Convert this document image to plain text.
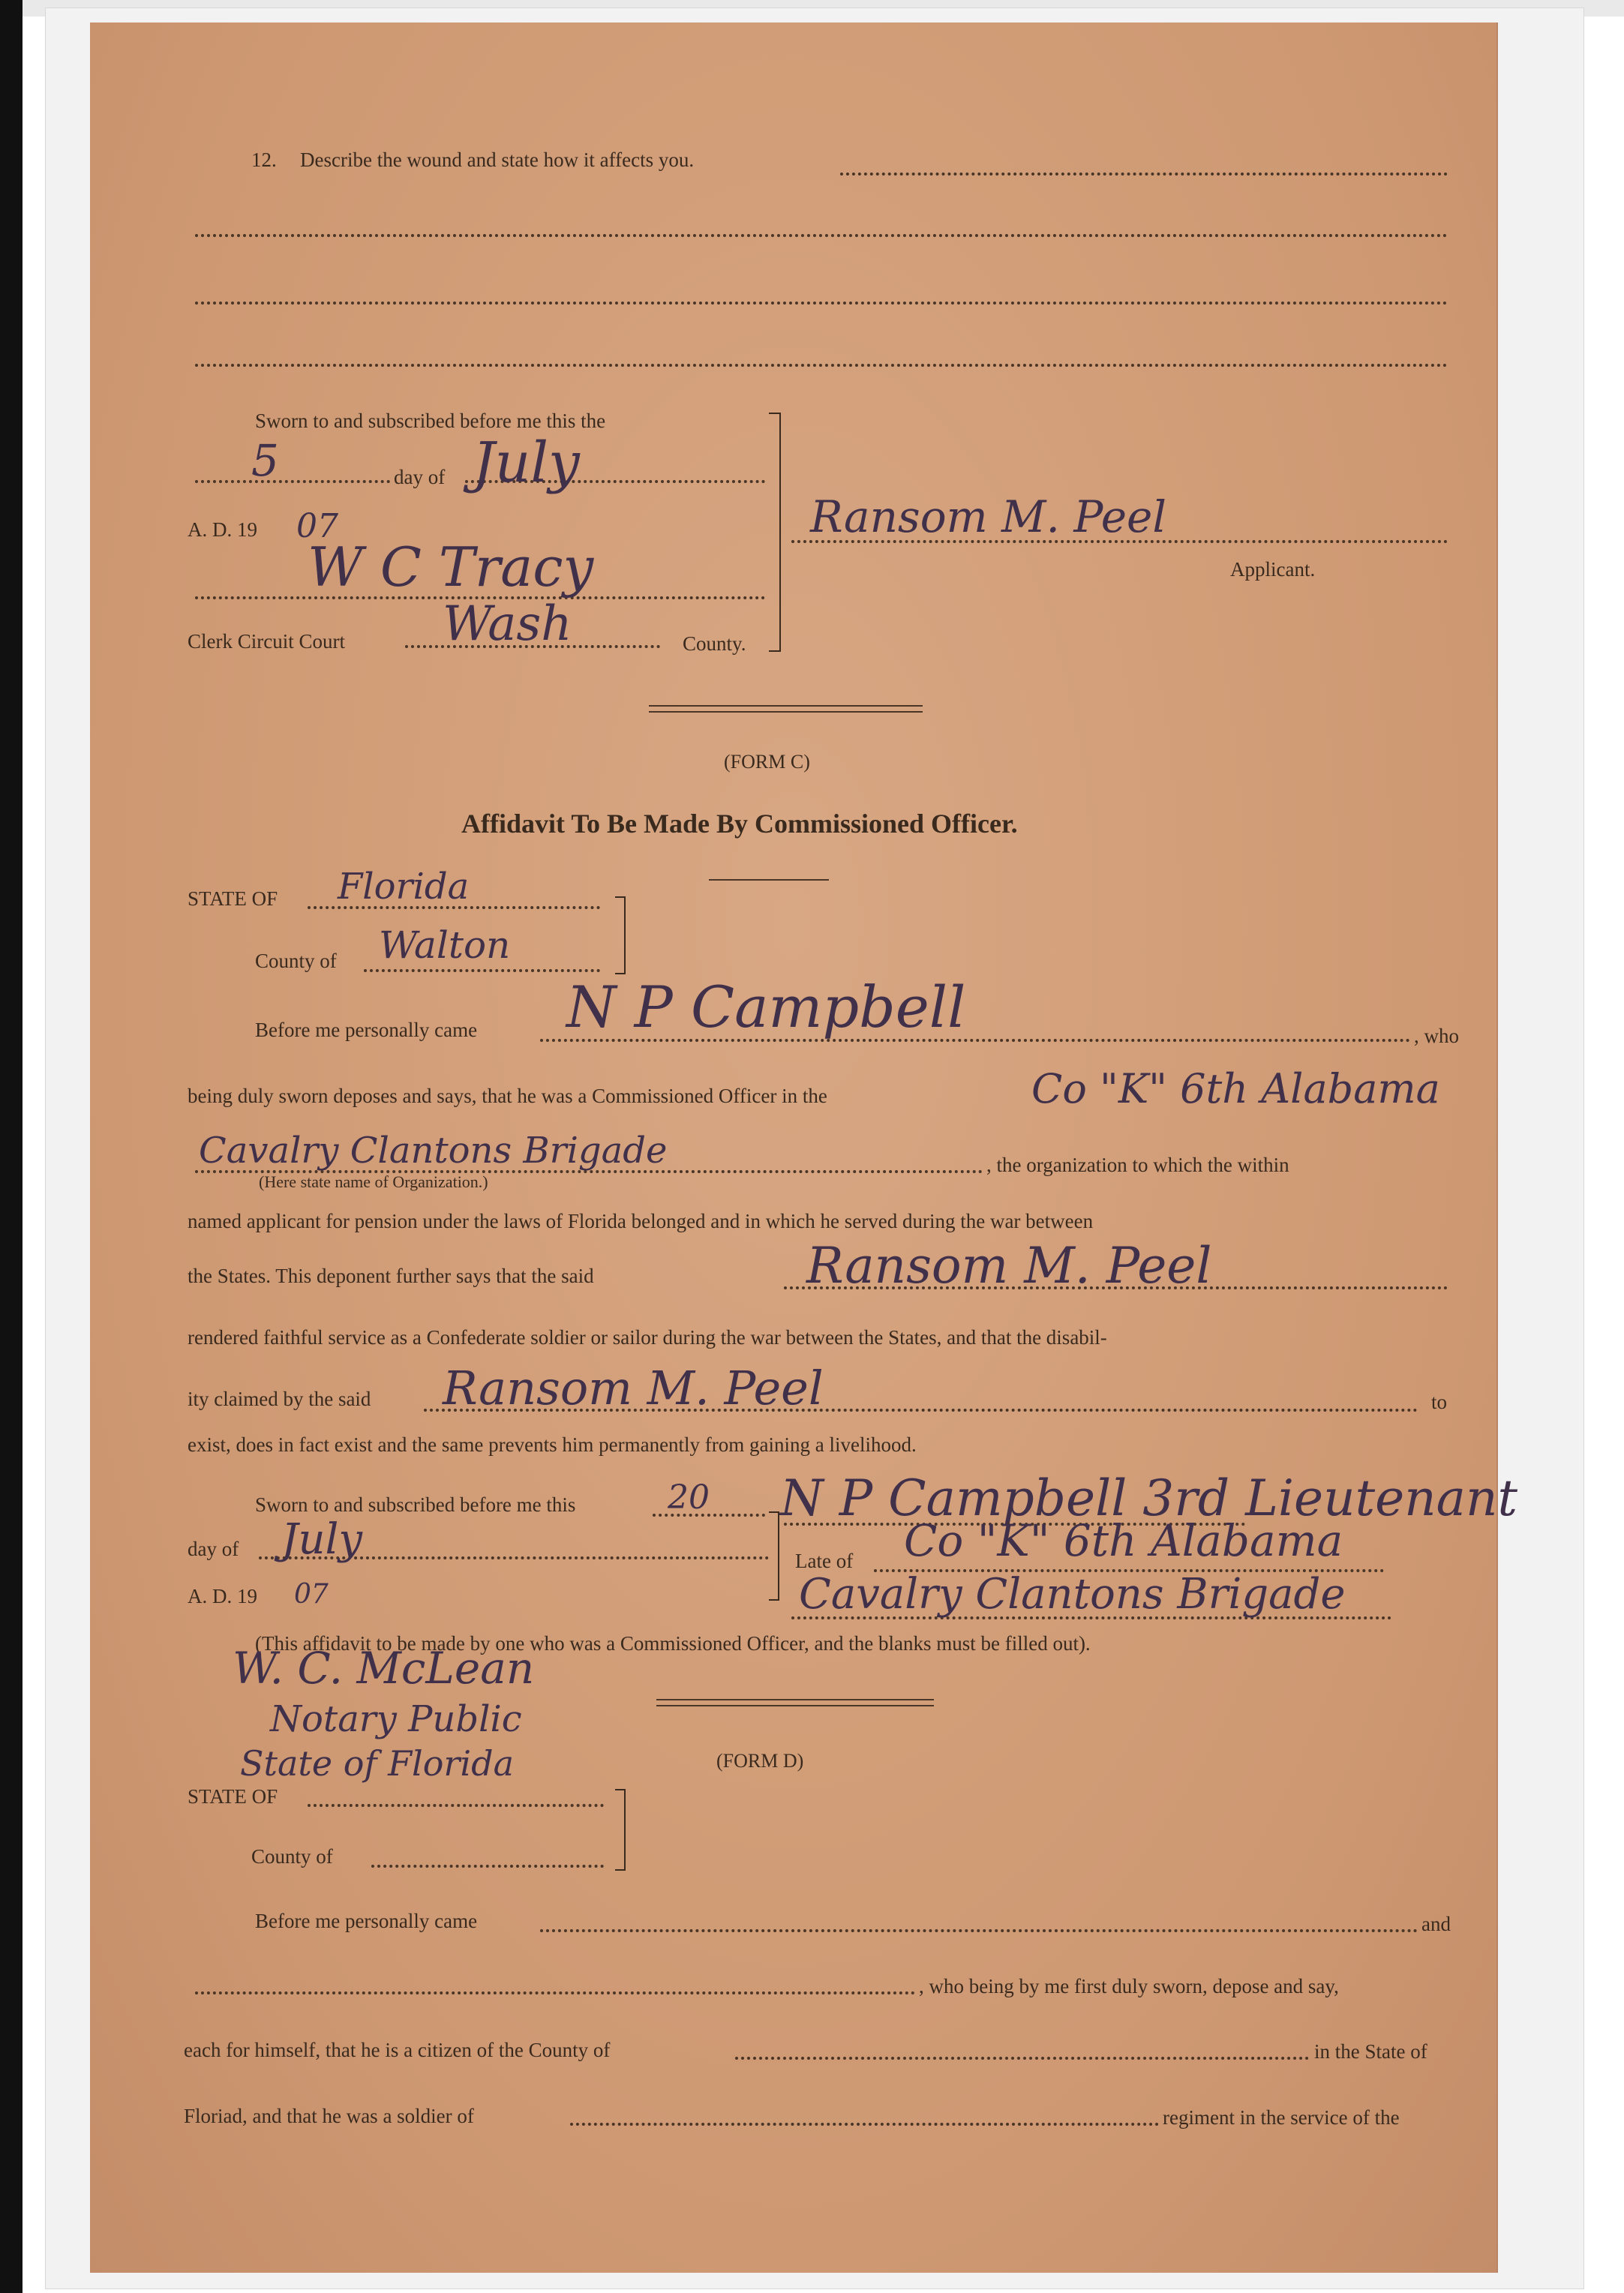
12. Describe the wound and state how it affects you.
Sworn to and subscribed before me this the
5	day of July
A. D. 19 07
W C Tracy
Clerk Circuit Court Wash	County.
Ransom M. Peel
Applicant.
(FORM C)
Affidavit To Be Made By Commissioned Officer.
STATE OF Florida
County of Walton
Before me personally came N P Campbell	, who
being duly sworn deposes and says, that he was a Commissioned Officer in the	Co "K" 6th Alabama
Cavalry Clantons Brigade
(Here state name of Organization.)
, the organization to which the within
named applicant for pension under the laws of Florida belonged and in which he served during the war between
the States. This deponent further says that the said	Ransom M. Peel
rendered faithful service as a Confederate soldier or sailor during the war between the States, and that the disabil-
ity claimed by the said Ransom M. Peel	to
exist, does in fact exist and the same prevents him permanently from gaining a livelihood.
Sworn to and subscribed before me this	20
day of July
A. D. 19 07
N P Campbell 3rd Lieutenant
Late of Co "K" 6th Alabama
Cavalry Clantons Brigade
(This affidavit to be made by one who was a Commissioned Officer, and the blanks must be filled out).
W. C. McLean
Notary Public
State of Florida	(FORM D)
STATE OF
County of
Before me personally came	and
, who being by me first duly sworn, depose and say,
each for himself, that he is a citizen of the County of	in the State of
Floriad, and that he was a soldier of	regiment in the service of the
